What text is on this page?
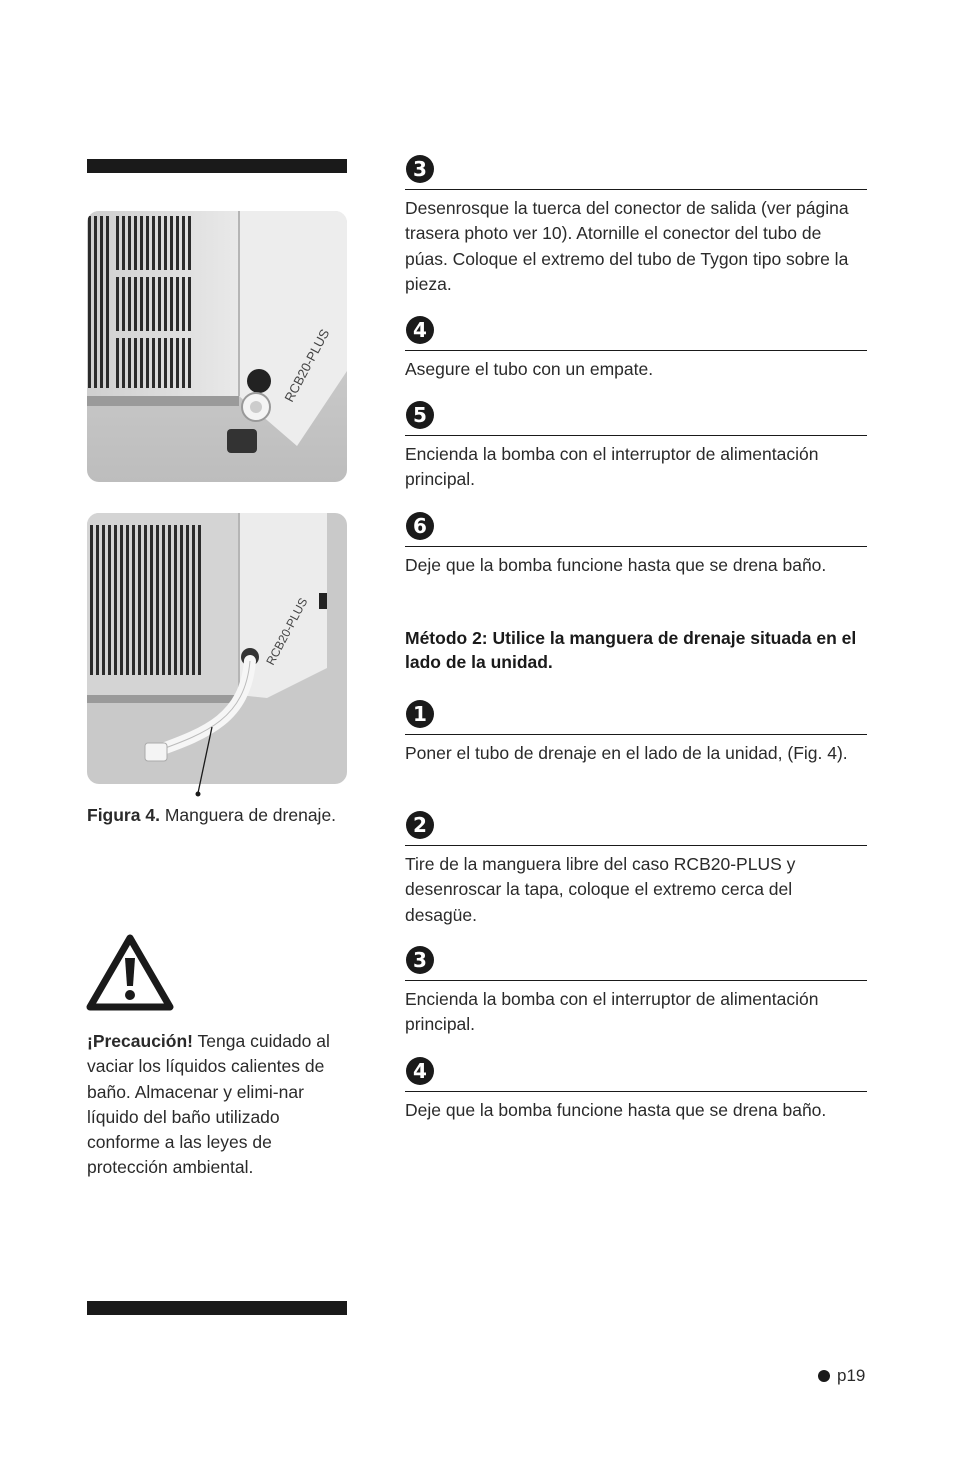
RCB20-PLUS
RCB20-PLUS
Figura 4. Manguera de drenaje.
¡Precaución! Tenga cuidado al vaciar los líquidos calientes de baño. Almacenar y elimi-nar líquido del baño utilizado conforme a las leyes de protección ambiental.
3
Desenrosque la tuerca del conector de salida (ver página trasera photo ver 10). Atornille el conector del tubo de púas. Coloque el extremo del tubo de Tygon tipo sobre la pieza.
4
Asegure el tubo con un empate.
5
Encienda la bomba con el interruptor de alimentación principal.
6
Deje que la bomba funcione hasta que se drena baño.
Método 2: Utilice la manguera de drenaje situada en el lado de la unidad.
1
Poner el tubo de drenaje en el lado de la unidad, (Fig. 4).
2
Tire de la manguera libre del caso RCB20-PLUS y desenroscar la tapa, coloque el extremo cerca del desagüe.
3
Encienda la bomba con el interruptor de alimentación principal.
4
Deje que la bomba funcione hasta que se drena baño.
p19
